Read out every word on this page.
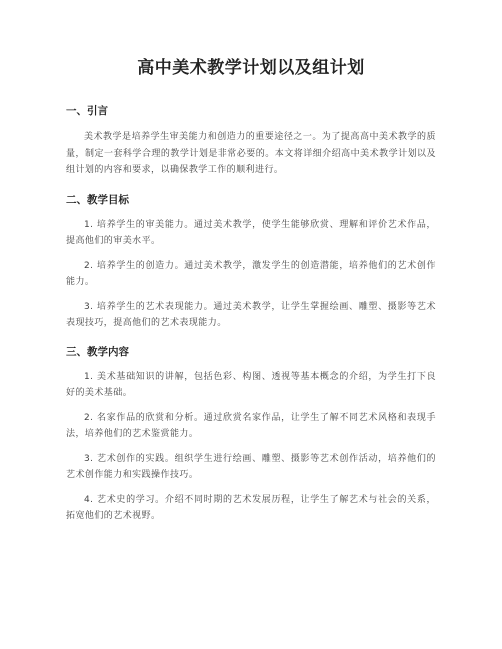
高中美术教学计划以及组计划
一、引言

美术教学是培养学生审美能力和创造力的重要途径之一。为了提高高中美术教学的质量，制定一套科学合理的教学计划是非常必要的。本文将详细介绍高中美术教学计划以及组计划的内容和要求，以确保教学工作的顺利进行。

二、教学目标

1. 培养学生的审美能力。通过美术教学，使学生能够欣赏、理解和评价艺术作品，提高他们的审美水平。

2. 培养学生的创造力。通过美术教学，激发学生的创造潜能，培养他们的艺术创作能力。

3. 培养学生的艺术表现能力。通过美术教学，让学生掌握绘画、雕塑、摄影等艺术表现技巧，提高他们的艺术表现能力。

三、教学内容

1. 美术基础知识的讲解，包括色彩、构图、透视等基本概念的介绍，为学生打下良好的美术基础。

2. 名家作品的欣赏和分析。通过欣赏名家作品，让学生了解不同艺术风格和表现手法，培养他们的艺术鉴赏能力。

3. 艺术创作的实践。组织学生进行绘画、雕塑、摄影等艺术创作活动，培养他们的艺术创作能力和实践操作技巧。

4. 艺术史的学习。介绍不同时期的艺术发展历程，让学生了解艺术与社会的关系，拓宽他们的艺术视野。
